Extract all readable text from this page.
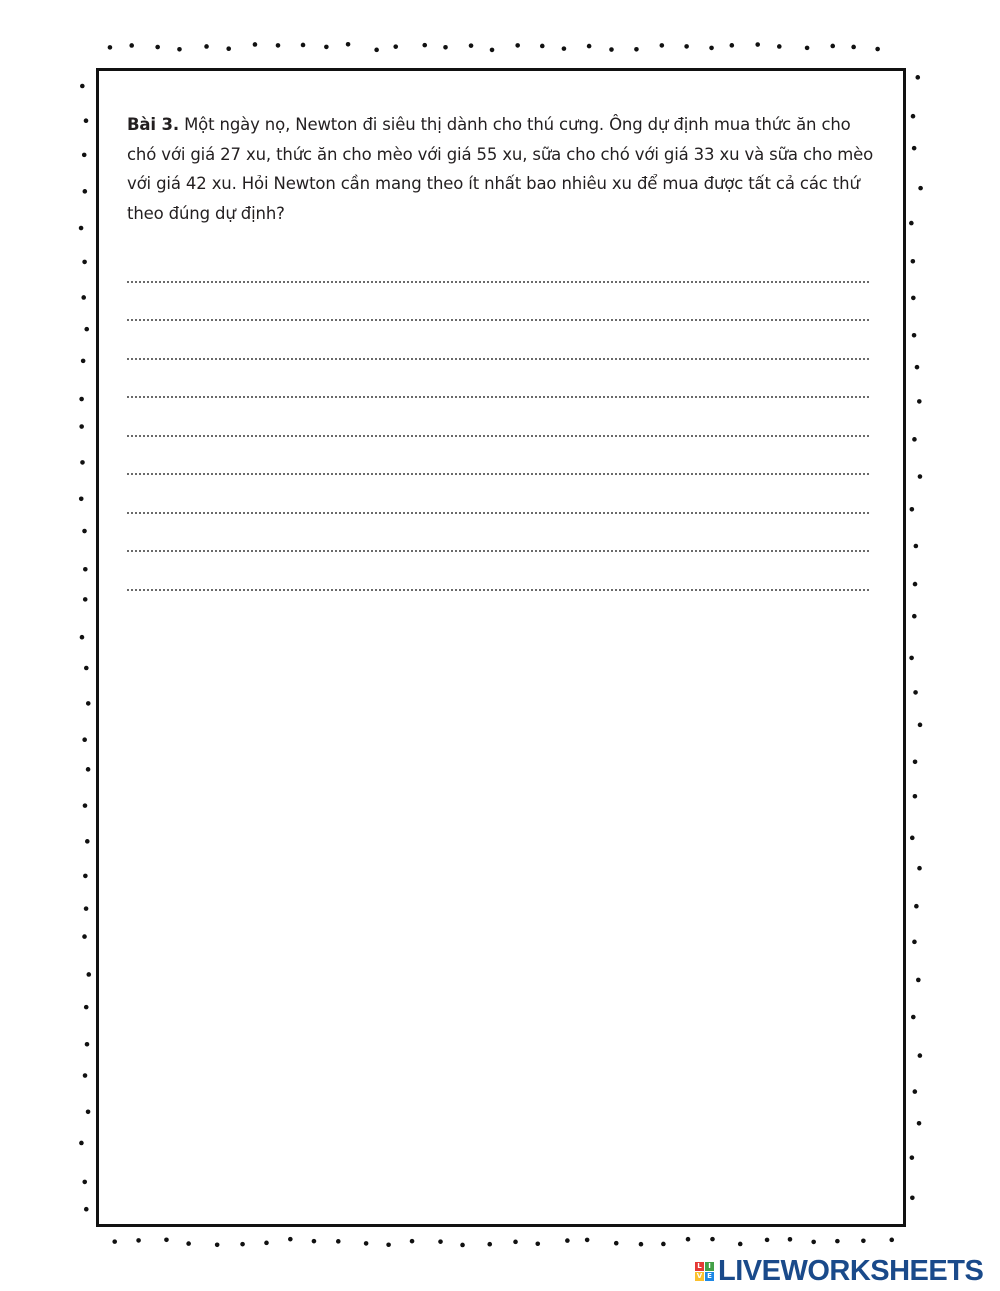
Bài 3. Một ngày nọ, Newton đi siêu thị dành cho thú cưng. Ông dự định mua thức ăn cho chó với giá 27 xu, thức ăn cho mèo với giá 55 xu, sữa cho chó với giá 33 xu và sữa cho mèo với giá 42 xu. Hỏi Newton cần mang theo ít nhất bao nhiêu xu để mua được tất cả các thứ theo đúng dự định?
L I
V E LIVEWORKSHEETS
